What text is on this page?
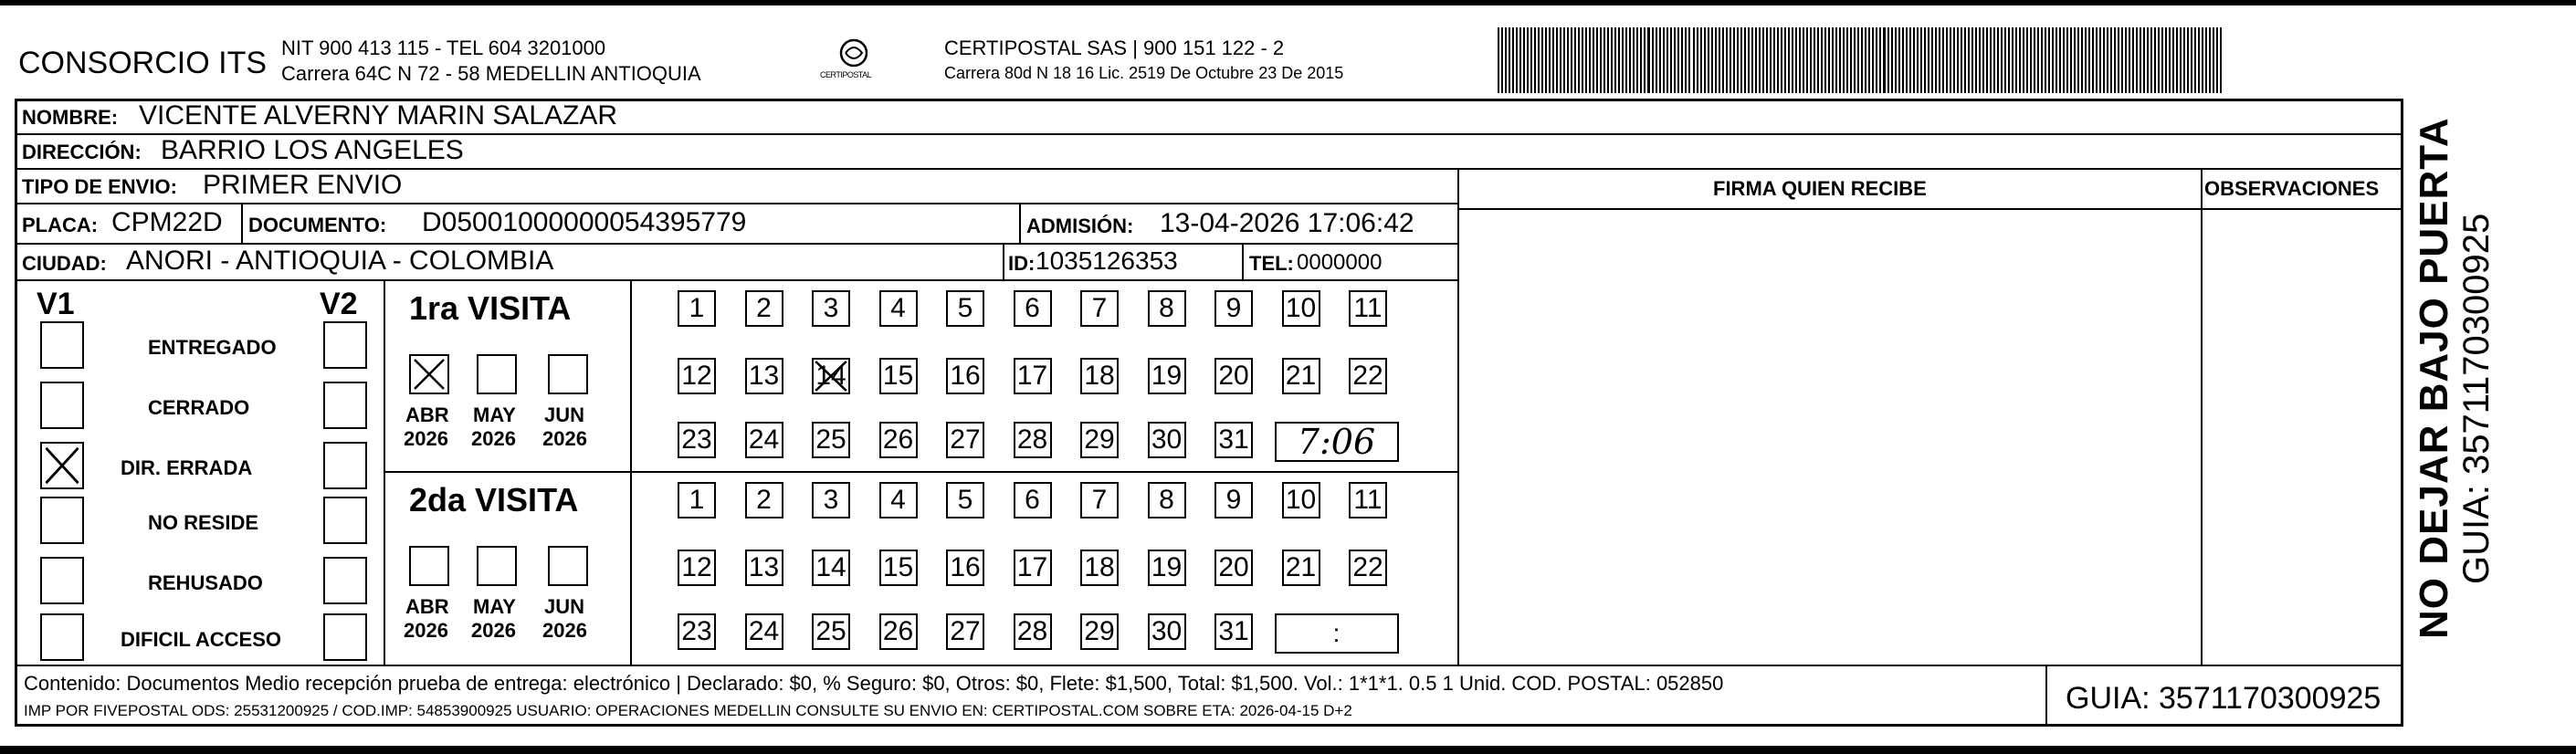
CONSORCIO ITS NIT 900 413 115 - TEL 604 3201000
Carrera 64C N 72 - 58 MEDELLIN ANTIOQUIA	CERTIPOSTAL
CERTIPOSTAL SAS | 900 151 122 - 2
Carrera 80d N 18 16 Lic. 2519 De Octubre 23 De 2015
NOMBRE: VICENTE ALVERNY MARIN SALAZAR
DIRECCIÓN: BARRIO LOS ANGELES
TIPO DE ENVIO: PRIMER ENVIO	FIRMA QUIEN RECIBE	OBSERVACIONES
PLACA: CPM22D DOCUMENTO: D05001000000054395779	ADMISIÓN: 13-04-2026 17:06:42
CIUDAD: ANORI - ANTIOQUIA - COLOMBIA	ID: 1035126353	TEL: 0000000
V1	V2
ENTREGADO
CERRADO
DIR. ERRADA
NO RESIDE
REHUSADO
DIFICIL ACCESO
1ra VISITA
ABR
2026
MAY
2026
JUN
2026
1	2	3	4	5	6	7	8	9	10 11
12 13 14 15 16 17 18 19 20 21 22
23 24 25 26 27 28 29 30 31	7:06
2da VISITA
ABR
2026
MAY
2026
JUN
2026
1	2	3	4	5	6	7	8	9	10 11
12 13 14 15 16 17 18 19 20 21 22
23 24 25 26 27 28 29 30 31	:	NO DEJAR BAJO PUERTA GUIA: 3571170300925
Contenido: Documentos Medio recepción prueba de entrega: electrónico | Declarado: $0, % Seguro: $0, Otros: $0, Flete: $1,500, Total: $1,500. Vol.: 1*1*1. 0.5 1 Unid. COD. POSTAL: 052850
IMP POR FIVEPOSTAL ODS: 25531200925 / COD.IMP: 54853900925 USUARIO: OPERACIONES MEDELLIN CONSULTE SU ENVIO EN: CERTIPOSTAL.COM SOBRE ETA: 2026-04-15 D+2	GUIA: 3571170300925
